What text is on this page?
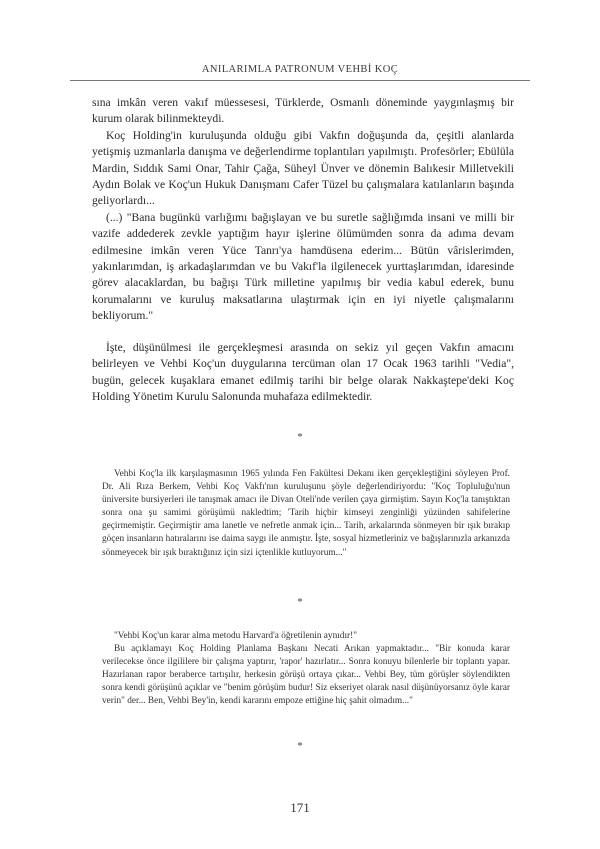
ANILARIMLA PATRONUM VEHBİ KOÇ

sına imkân veren vakıf müessesesi, Türklerde, Osmanlı döneminde yaygınlaşmış bir kurum olarak bilinmekteydi.

Koç Holding'in kuruluşunda olduğu gibi Vakfın doğuşunda da, çeşitli alanlarda yetişmiş uzmanlarla danışma ve değerlendirme toplantıları yapılmıştı. Profesörler; Ebülüla Mardin, Sıddık Sami Onar, Tahir Çağa, Süheyl Ünver ve dönemin Balıkesir Milletvekili Aydın Bolak ve Koç'un Hukuk Danışmanı Cafer Tüzel bu çalışmalara katılanların başında geliyorlardı...

(...) "Bana bugünkü varlığımı bağışlayan ve bu suretle sağlığımda insani ve milli bir vazife addederek zevkle yaptığım hayır işlerine ölümümden sonra da adıma devam edilmesine imkân veren Yüce Tanrı'ya hamdüsena ederim... Bütün vârislerimden, yakınlarımdan, iş arkadaşlarımdan ve bu Vakıf'la ilgilenecek yurttaşlarımdan, idaresinde görev alacaklardan, bu bağışı Türk milletine yapılmış bir vedia kabul ederek, bunu korumalarını ve kuruluş maksatlarına ulaştırmak için en iyi niyetle çalışmalarını bekliyorum."

İşte, düşünülmesi ile gerçekleşmesi arasında on sekiz yıl geçen Vakfın amacını belirleyen ve Vehbi Koç'un duygularına tercüman olan 17 Ocak 1963 tarihli "Vedia", bugün, gelecek kuşaklara emanet edilmiş tarihi bir belge olarak Nakkaştepe'deki Koç Holding Yönetim Kurulu Salonunda muhafaza edilmektedir.

*

Vehbi Koç'la ilk karşılaşmasının 1965 yılında Fen Fakültesi Dekanı iken gerçekleştiğini söyleyen Prof. Dr. Ali Rıza Berkem, Vehbi Koç Vakfı'nın kuruluşunu şöyle değerlendiriyordu: "Koç Topluluğu'nun üniversite bursiyerleri ile tanışmak amacı ile Divan Oteli'nde verilen çaya girmiştim. Sayın Koç'la tanıştıktan sonra ona şu samimi görüşümü nakledtim; 'Tarih hiçbir kimseyi zenginliği yüzünden sahifelerine geçirmemiştir. Geçirmiştir ama lanetle ve nefretle anmak için... Tarih, arkalarında sönmeyen bir ışık bırakıp göçen insanların hatıralarını ise daima saygı ile anmıştır. İşte, sosyal hizmetleriniz ve bağışlarınızla arkanızda sönmeyecek bir ışık bıraktığınız için sizi içtenlikle kutluyorum..."

*

"Vehbi Koç'un karar alma metodu Harvard'a öğretilenin aynıdır!"

Bu açıklamayı Koç Holding Planlama Başkanı Necati Arıkan yapmaktadır... "Bir konuda karar verilecekse önce ilgililere bir çalışma yaptırır, 'rapor' hazırlatır... Sonra konuyu bilenlerle bir toplantı yapar. Hazırlanan rapor beraberce tartışılır, herkesin görüşü ortaya çıkar... Vehbi Bey, tüm görüşler söylendikten sonra kendi görüşünü açıklar ve "benim görüşüm budur! Siz ekseriyet olarak nasıl düşünüyorsanız öyle karar verin" der... Ben, Vehbi Bey'in, kendi kararını empoze ettiğine hiç şahit olmadım..."

*
171
